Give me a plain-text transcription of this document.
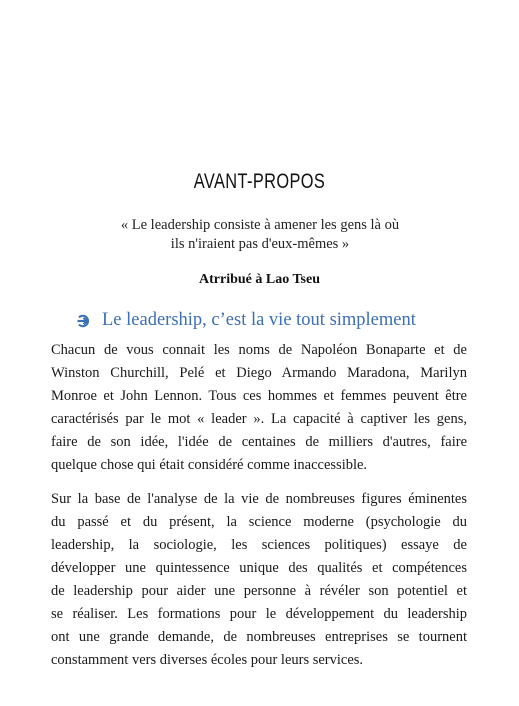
AVANT-PROPOS
« Le leadership consiste à amener les gens là où
ils n'iraient pas d'eux-mêmes »
Atrribué à Lao Tseu
Le leadership, c’est la vie tout simplement
Chacun de vous connait les noms de Napoléon Bonaparte et de
Winston Churchill, Pelé et Diego Armando Maradona, Marilyn
Monroe et John Lennon. Tous ces hommes et femmes peuvent être
caractérisés par le mot « leader ». La capacité à captiver les gens,
faire de son idée, l'idée de centaines de milliers d'autres, faire
quelque chose qui était considéré comme inaccessible.
Sur la base de l'analyse de la vie de nombreuses figures éminentes
du passé et du présent, la science moderne (psychologie du
leadership, la sociologie, les sciences politiques) essaye de
développer une quintessence unique des qualités et compétences
de leadership pour aider une personne à révéler son potentiel et
se réaliser. Les formations pour le développement du leadership
ont une grande demande, de nombreuses entreprises se tournent
constamment vers diverses écoles pour leurs services.
